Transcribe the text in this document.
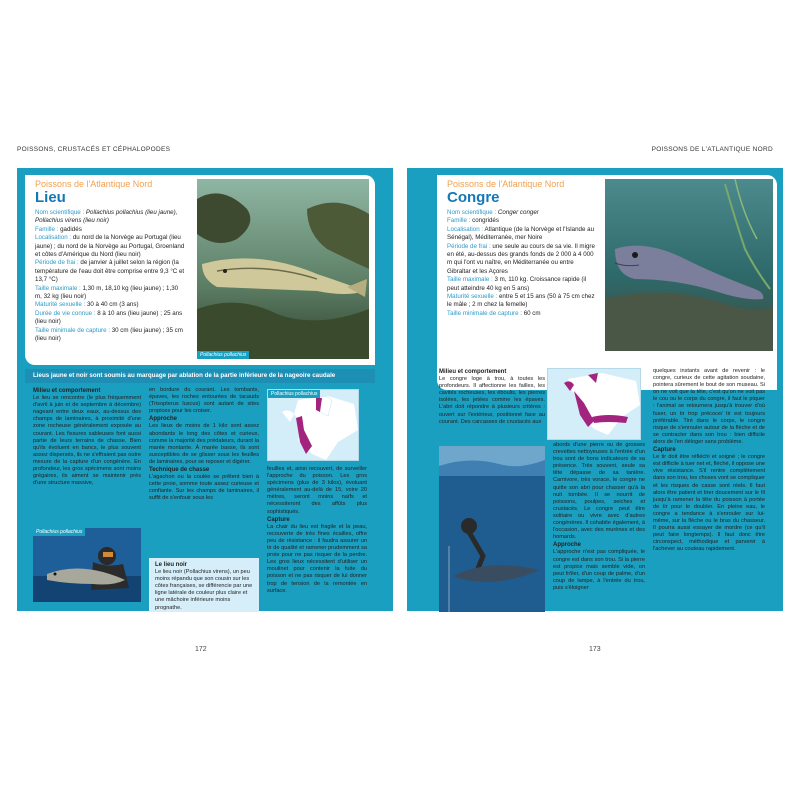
POISSONS, CRUSTACÉS ET CÉPHALOPODES
Poissons de l'Atlantique Nord
Lieu
Nom scientifique : Pollachius pollachius (lieu jaune), Pollachius virens (lieu noir)
Famille : gadidés
Localisation : du nord de la Norvège au Portugal (lieu jaune) ; du nord de la Norvège au Portugal, Groenland et côtes d'Amérique du Nord (lieu noir)
Période de frai : de janvier à juillet selon la région (la température de l'eau doit être comprise entre 9,3 °C et 13,7 °C)
Taille maximale : 1,30 m, 18,10 kg (lieu jaune) ; 1,30 m, 32 kg (lieu noir)
Maturité sexuelle : 30 à 40 cm (3 ans)
Durée de vie connue : 8 à 10 ans (lieu jaune) ; 25 ans (lieu noir)
Taille minimale de capture : 30 cm (lieu jaune) ; 35 cm (lieu noir)
Pollachius pollachius
Lieus jaune et noir sont soumis au marquage par ablation de la partie inférieure de la nageoire caudale
Milieu et comportement

Le lieu se rencontre (le plus fréquemment d'avril à juin et de septembre à décembre) nageant entre deux eaux, au-dessus des champs de laminaires, à proximité d'une zone rocheuse généralement exposée au courant. Les fissures sableuses font aussi partie de leurs terrains de chasse. Bien qu'ils évoluent en bancs, le plus souvent assez dispersés, ils ne s'effraient pas outre mesure de la capture d'un congénère. En profondeur, les gros spécimens sont moins grégaires, ils aiment se maintenir près d'une structure massive,

Pollachius pollachius

en bordure du courant. Les tombants, épaves, les roches entourées de tacauds (Trisopterus luscus) sont autant de sites propices pour les croiser.

Approche

Les lieux de moins de 1 kilo sont assez abondants le long des côtes et curieux, comme la majorité des prédateurs, durant la marée montante. À marée basse, ils sont susceptibles de se glisser sous les feuilles de laminaires, pour se reposer et digérer.

Technique de chasse

L'agachon ou la coulée se prêtent bien à cette proie, somme toute assez curieuse et confiante. Sur les champs de laminaires, il suffit de s'enfouir sous les

Le lieu noir

Le lieu noir (Pollachius virens), un peu moins répandu que son cousin sur les côtes françaises, se différencie par une ligne latérale de couleur plus claire et une mâchoire inférieure moins prognathe.

Pollachius pollachius

feuilles et, ainsi recouvert, de surveiller l'approche du poisson. Les gros spécimens (plus de 3 kilos), évoluant généralement au-delà de 15, voire 20 mètres, seront moins naïfs et nécessiteront des affûts plus sophistiqués.

Capture

La chair du lieu est fragile et la peau, recouverte de très fines écailles, offre peu de résistance : il faudra assurer un tir de qualité et ramener prudemment sa proie pour ne pas risquer de la perdre. Les gros lieux nécessitent d'utiliser un moulinet pour contenir la fuite du poisson et ne pas risquer de lui donner trop de tension de la remontée en surface.

172
POISSONS DE L'ATLANTIQUE NORD
Poissons de l'Atlantique Nord
Congre
Nom scientifique : Conger conger
Famille : congridés
Localisation : Atlantique (de la Norvège et l'Islande au Sénégal), Méditerranée, mer Noire
Période de frai : une seule au cours de sa vie. Il migre en été, au-dessus des grands fonds de 2 000 à 4 000 m qui l'ont vu naître, en Méditerranée ou entre Gibraltar et les Açores
Taille maximale : 3 m, 110 kg. Croissance rapide (il peut atteindre 40 kg en 5 ans)
Maturité sexuelle : entre 5 et 15 ans (50 à 75 cm chez le mâle ; 2 m chez la femelle)
Taille minimale de capture : 60 cm
Milieu et comportement

Le congre loge à trou, à toutes les profondeurs. Il affectionne les failles, les cavités rocheuses, les éboulis, les pierres isolées, les jetées comme les épaves. L'abri doit répondre à plusieurs critères : ouvert sur l'extérieur, positionné face au courant. Des carcasses de crustacés aux

abords d'une pierre ou de grosses crevettes nettoyeuses à l'entrée d'un trou sont de bons indicateurs de sa présence. Très souvent, seule sa tête dépasse de sa tanière. Carnivore, très vorace, le congre ne quitte son abri pour chasser qu'à la nuit tombée. Il se nourrit de poissons, poulpes, seiches et crustacés. Le congre peut être solitaire ou vivre avec d'autres congénères. Il cohabite également, à l'occasion, avec des murènes et des homards.

Approche

L'approche n'est pas compliquée, le congre est dans son trou. Si la pierre est propice mais semble vide, on peut frôler, d'un coup de palme, d'un coup de lampe, à l'entrée du trou, puis s'éloigner

quelques instants avant de revenir : le congre, curieux de cette agitation soudaine, pointera sûrement le bout de son museau. Si on ne voit que la tête, c'est qu'on ne voit pas le cou ou le corps du congre, il faut le piquer : l'animal se retournera jusqu'à trouver d'où fuser, un tir trop précoce/ tir est toujours préférable. Tiré dans le corps, le congre risque de s'enrouler autour de la flèche et de se contracter dans son trou : bien difficile alors de l'en déloger sans problème.

Capture

Le tir doit être réfléchi et soigné ; le congre est difficile à tuer net et, fléché, il oppose une vive résistance. S'il rentre complètement dans son trou, les choses vont se compliquer et les risques de casse sont réels. Il faut alors être patient et tirer doucement sur le fil jusqu'à ramener la tête du poisson à portée de tir pour le doubler. En pleine eau, le congre a tendance à s'enrouler sur lui-même, sur la flèche ou le bras du chasseur. Il pourra aussi essayer de mordre (ce qu'il peut faire longtemps). Il faut donc être circonspect, méthodique et parvenir à l'achever au couteau rapidement.

173
